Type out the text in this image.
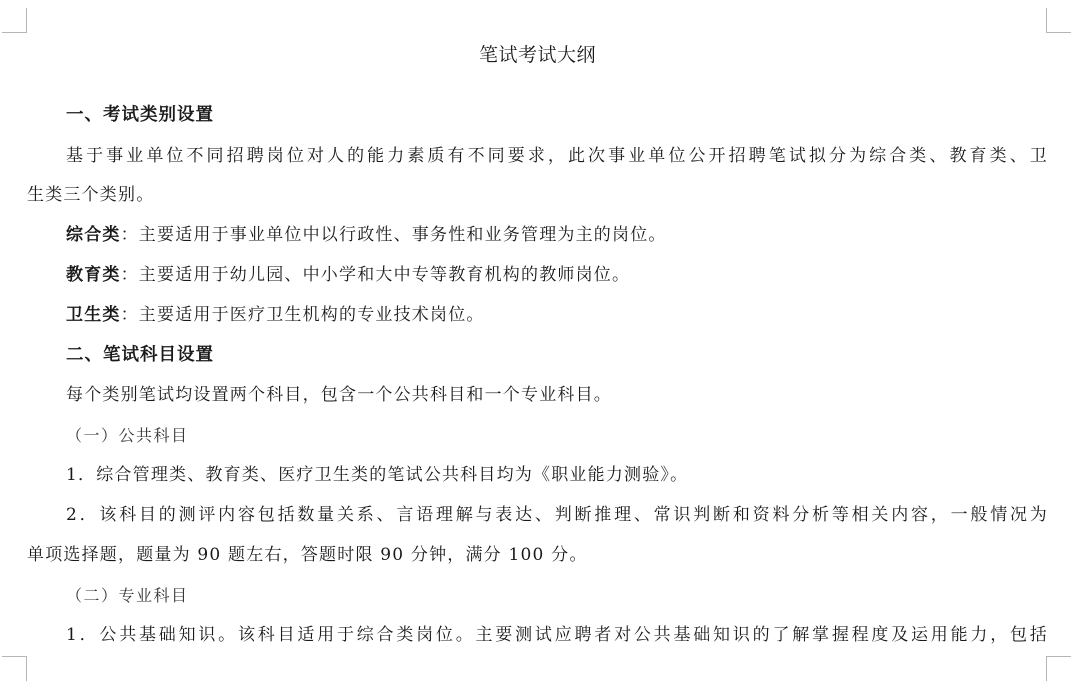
笔试考试大纲
一、考试类别设置
基于事业单位不同招聘岗位对人的能力素质有不同要求，此次事业单位公开招聘笔试拟分为综合类、教育类、卫
生类三个类别。
综合类：主要适用于事业单位中以行政性、事务性和业务管理为主的岗位。
教育类：主要适用于幼儿园、中小学和大中专等教育机构的教师岗位。
卫生类：主要适用于医疗卫生机构的专业技术岗位。
二、笔试科目设置
每个类别笔试均设置两个科目，包含一个公共科目和一个专业科目。
（一）公共科目
1．综合管理类、教育类、医疗卫生类的笔试公共科目均为《职业能力测验》。
2．该科目的测评内容包括数量关系、言语理解与表达、判断推理、常识判断和资料分析等相关内容，一般情况为
单项选择题，题量为 90 题左右，答题时限 90 分钟，满分 100 分。
（二）专业科目
1．公共基础知识。该科目适用于综合类岗位。主要测试应聘者对公共基础知识的了解掌握程度及运用能力，包括
